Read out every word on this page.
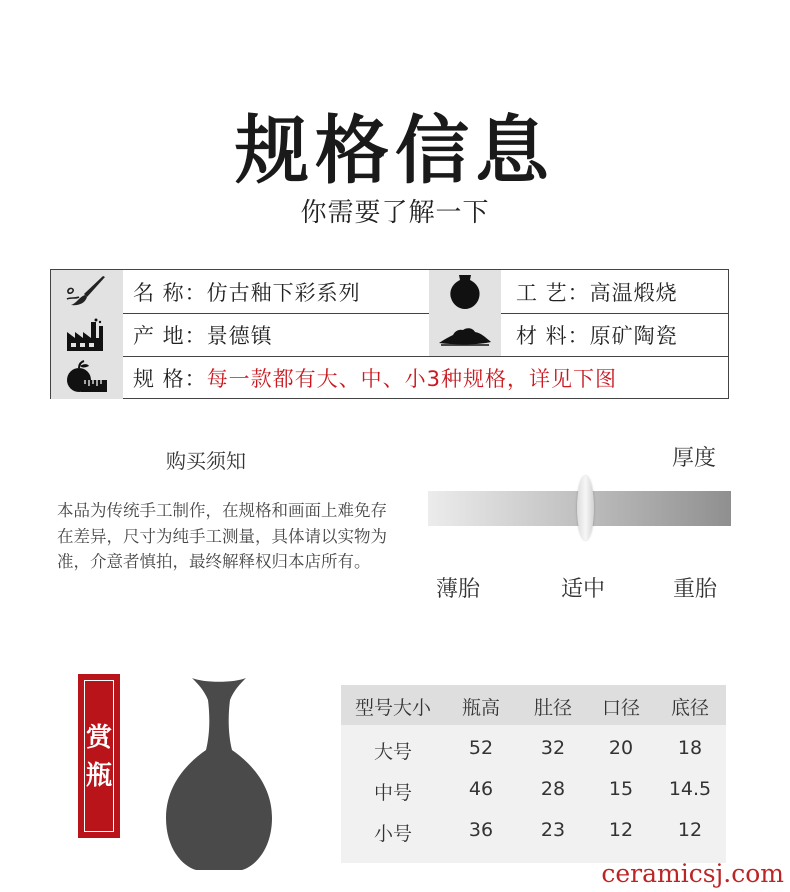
规格信息
你需要了解一下
名 称：仿古釉下彩系列	工 艺：高温煅烧
产 地：景德镇	材 料：原矿陶瓷
规 格： 每一款都有大、中、小3种规格，详见下图
购买须知
本品为传统手工制作，在规格和画面上难免存在差异，尺寸为纯手工测量，具体请以实物为准，介意者慎拍，最终解释权归本店所有。
厚度
薄胎	适中	重胎
赏
瓶
型号大小	瓶高	肚径	口径	底径
大号	52	32	20	18
中号	46	28	15	14.5
小号	36	23	12	12
ceramicsj.com
